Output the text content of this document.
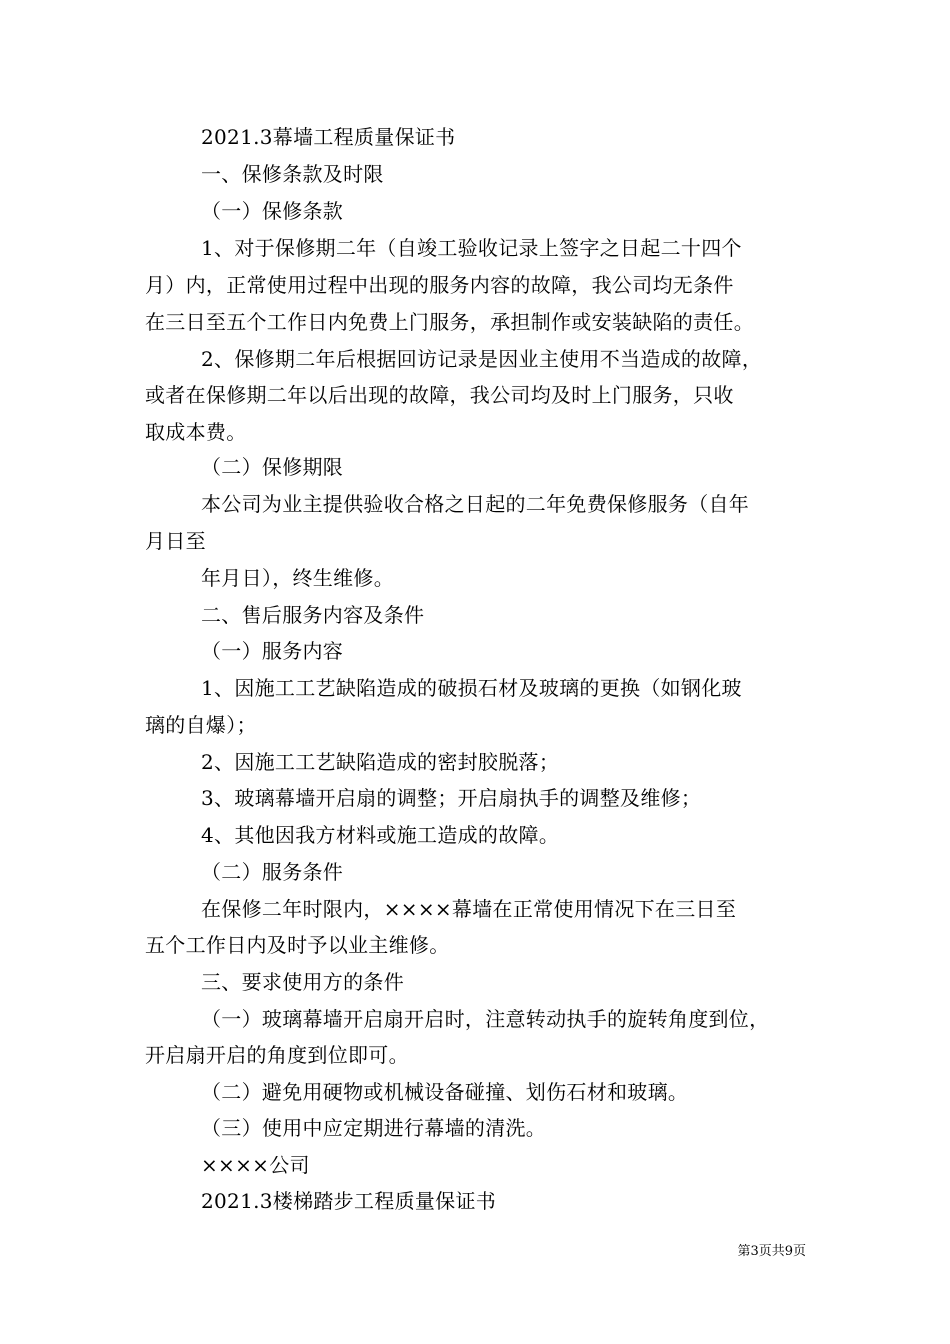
2021.3幕墙工程质量保证书
一、保修条款及时限
（一）保修条款
1、对于保修期二年（自竣工验收记录上签字之日起二十四个
月）内，正常使用过程中出现的服务内容的故障，我公司均无条件
在三日至五个工作日内免费上门服务，承担制作或安装缺陷的责任。
2、保修期二年后根据回访记录是因业主使用不当造成的故障，
或者在保修期二年以后出现的故障，我公司均及时上门服务，只收
取成本费。
（二）保修期限
本公司为业主提供验收合格之日起的二年免费保修服务（自年
月日至
年月日），终生维修。
二、售后服务内容及条件
（一）服务内容
1、因施工工艺缺陷造成的破损石材及玻璃的更换（如钢化玻
璃的自爆）；
2、因施工工艺缺陷造成的密封胶脱落；
3、玻璃幕墙开启扇的调整；开启扇执手的调整及维修；
4、其他因我方材料或施工造成的故障。
（二）服务条件
在保修二年时限内，××××幕墙在正常使用情况下在三日至
五个工作日内及时予以业主维修。
三、要求使用方的条件
（一）玻璃幕墙开启扇开启时，注意转动执手的旋转角度到位，
开启扇开启的角度到位即可。
（二）避免用硬物或机械设备碰撞、划伤石材和玻璃。
（三）使用中应定期进行幕墙的清洗。
××××公司
2021.3楼梯踏步工程质量保证书
第3页共9页
